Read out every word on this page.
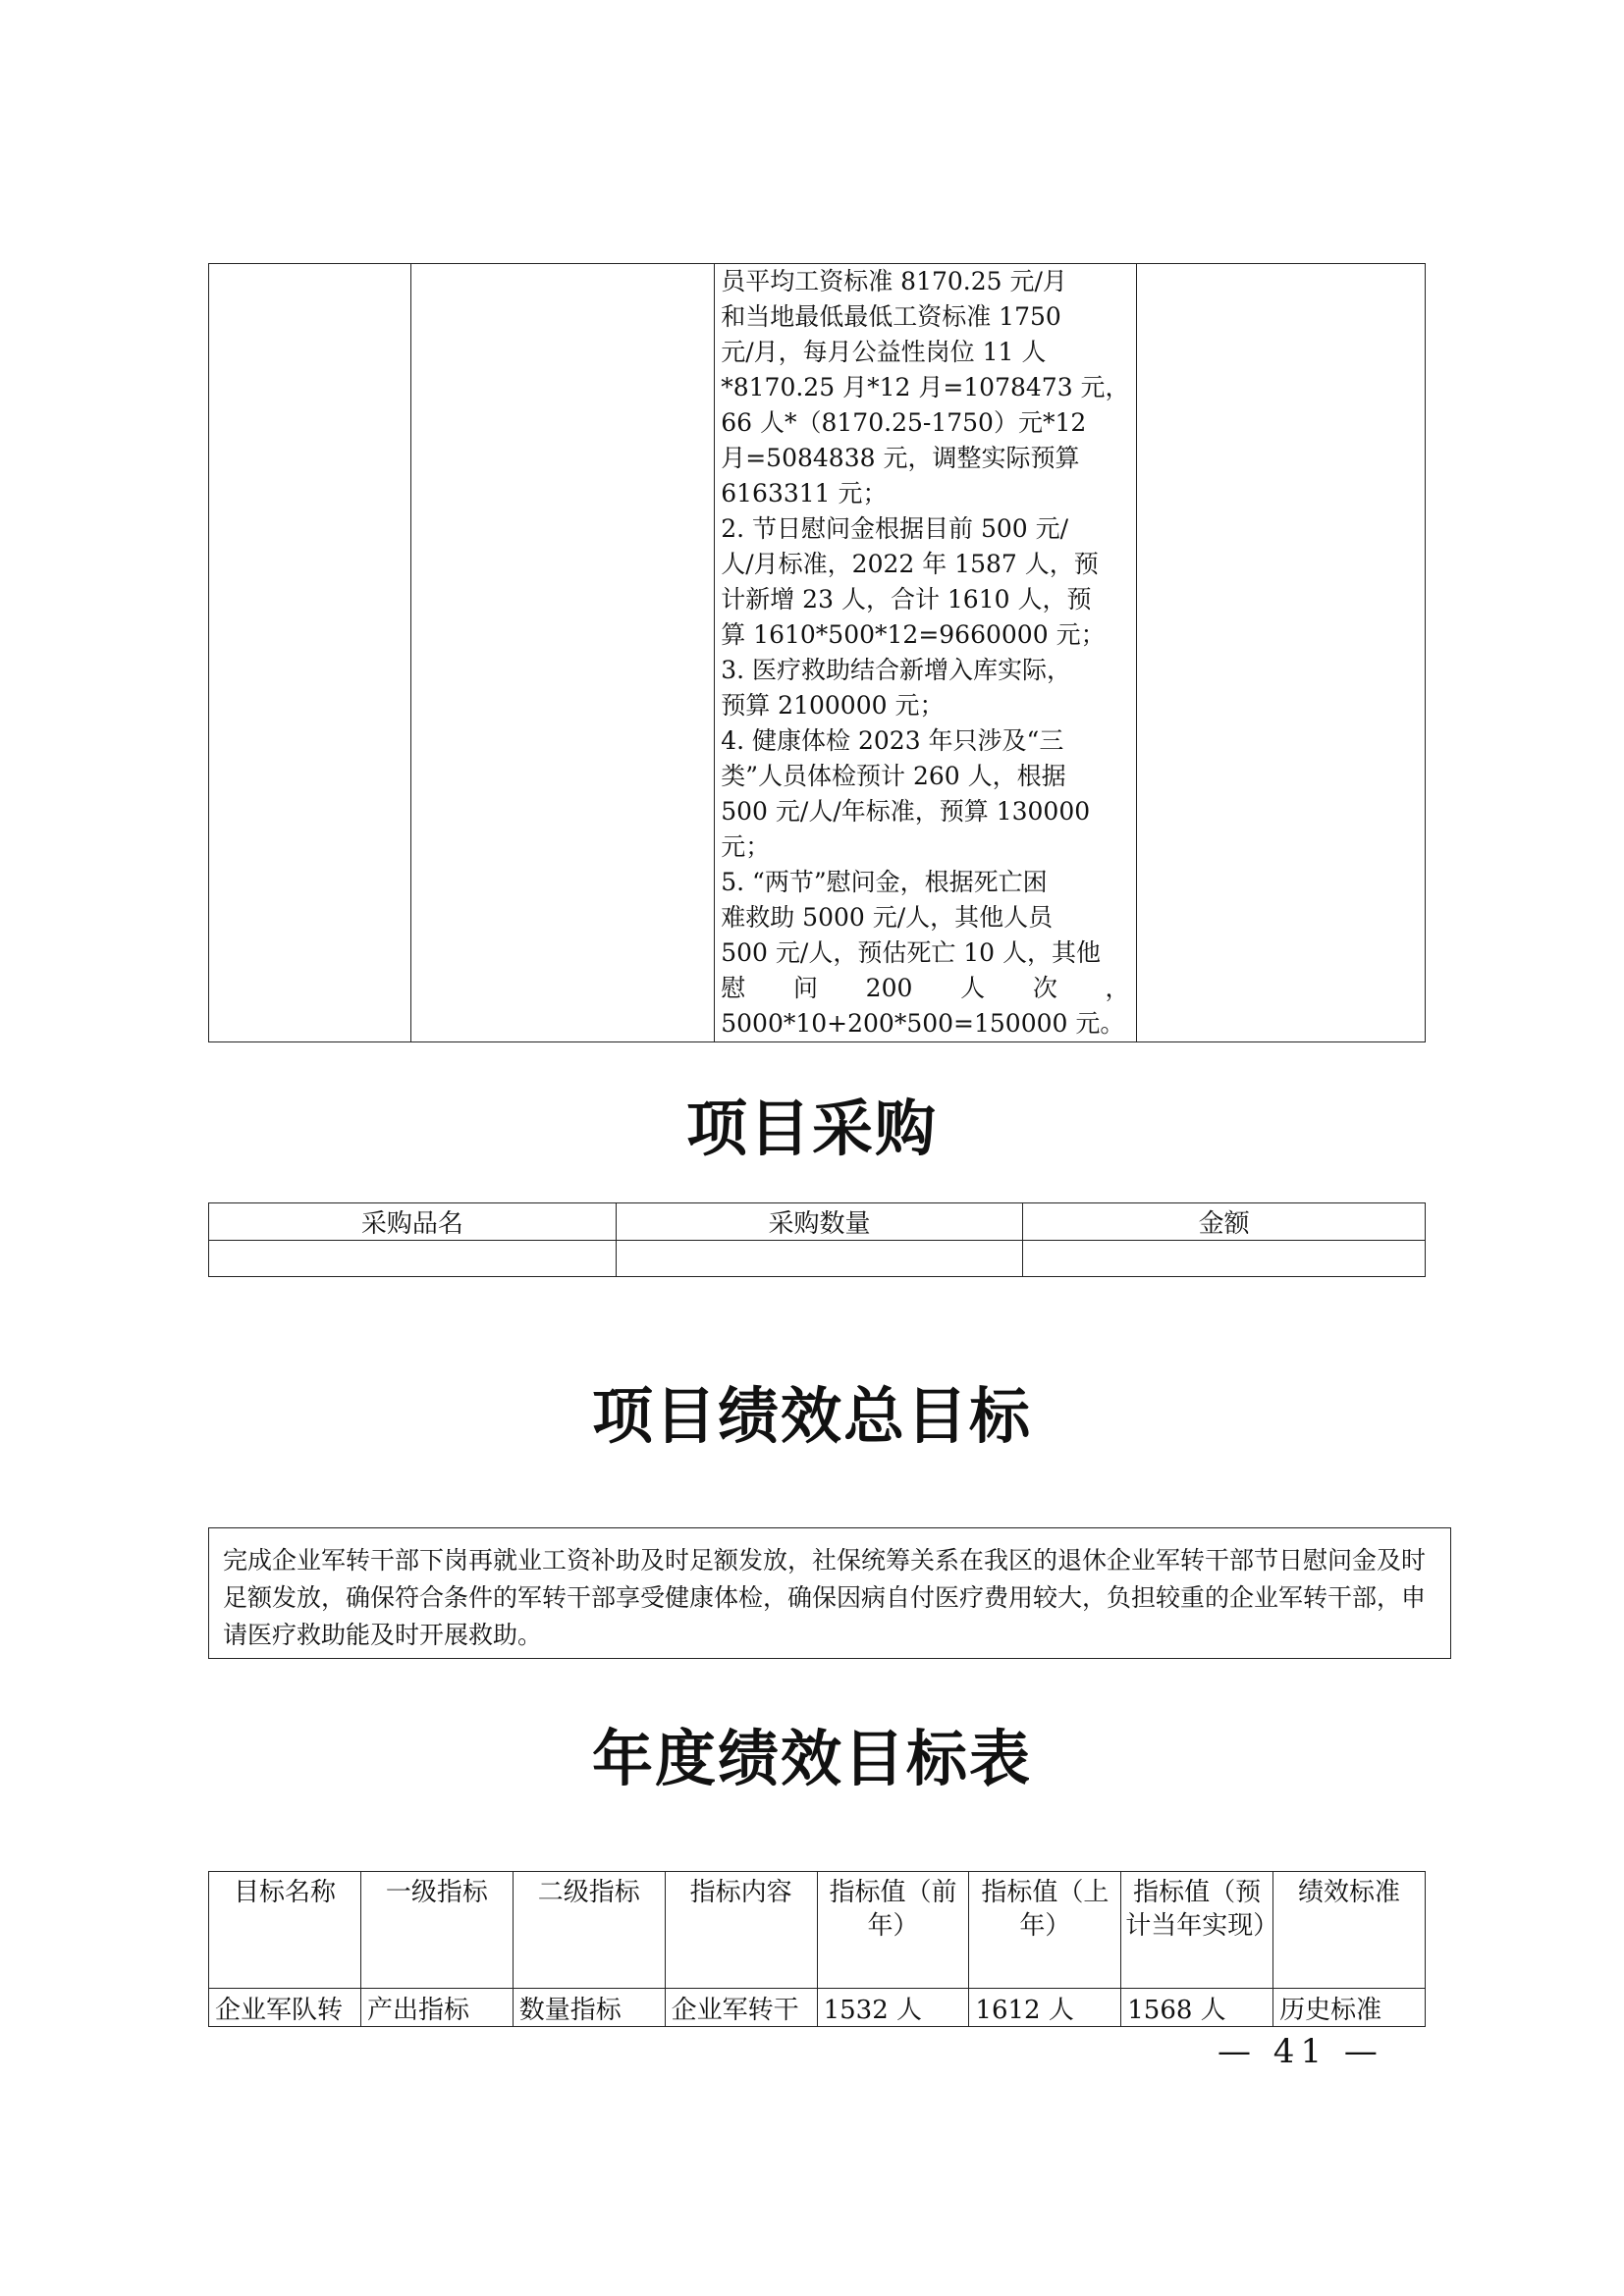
员平均工资标准 8170.25 元/月
和当地最低最低工资标准 1750
元/月，每月公益性岗位 11 人
*8170.25 月*12 月=1078473 元，
66 人*（8170.25-1750）元*12
月=5084838 元，调整实际预算
6163311 元；
2. 节日慰问金根据目前 500 元/
人/月标准，2022 年 1587 人，预
计新增 23 人，合计 1610 人，预
算 1610*500*12=9660000 元；
3. 医疗救助结合新增入库实际，
预算 2100000 元；
4. 健康体检 2023 年只涉及“三
类”人员体检预计 260 人，根据
500 元/人/年标准，预算 130000
元；
5. “两节”慰问金，根据死亡困
难救助 5000 元/人，其他人员
500 元/人，预估死亡 10 人，其他
慰 问 200 人 次 ，
5000*10+200*500=150000 元。

项目采购
采购品名	采购数量	金额

项目绩效总目标
完成企业军转干部下岗再就业工资补助及时足额发放，社保统筹关系在我区的退休企业军转干部节日慰问金及时足额发放，确保符合条件的军转干部享受健康体检，确保因病自付医疗费用较大，负担较重的企业军转干部，申请医疗救助能及时开展救助。
年度绩效目标表
目标名称	一级指标	二级指标	指标内容	指标值（前年）	指标值（上年）	指标值（预计当年实现）	绩效标准
企业军队转	产出指标	数量指标	企业军转干	1532 人	1612 人	1568 人	历史标准
— 41 —
